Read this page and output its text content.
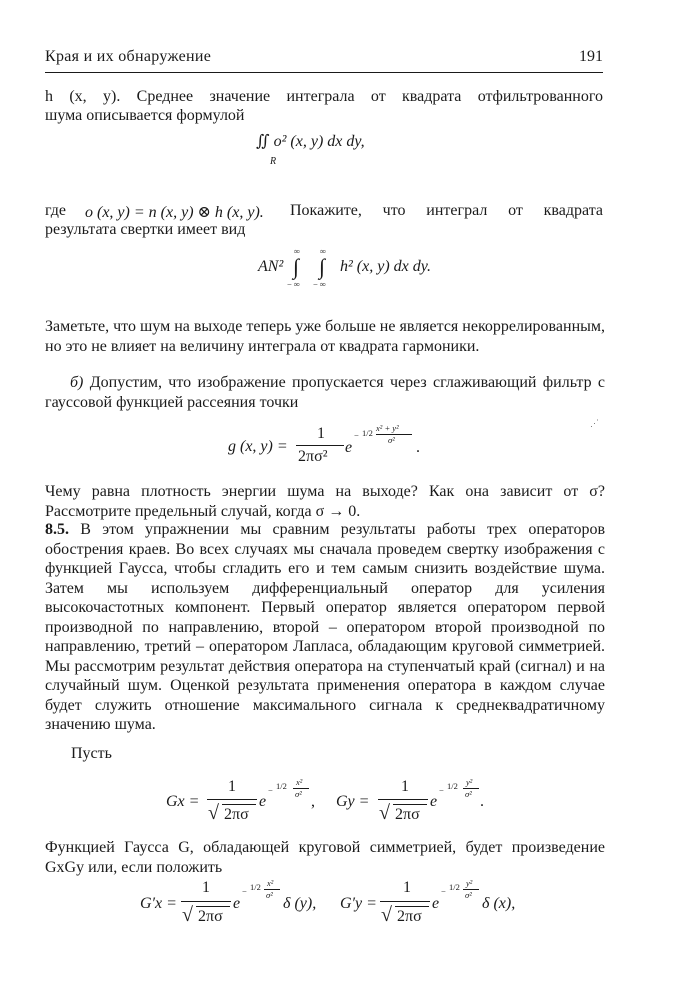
Края и их обнаружение	191
h (x, y). Среднее значение интеграла от квадрата отфильтрованного
шума описывается формулой
∬ o² (x, y) dx dy,
R
где o (x, y) = n (x, y) ⊗ h (x, y). Покажите, что интеграл от квадрата
результата свертки имеет вид
AN²
∞ ∞
∫ ∫
− ∞ − ∞
h² (x, y) dx dy.
Заметьте, что шум на выходе теперь уже больше не является некоррелированным, но это не влияет на величину интеграла от квадрата гармоники.
б) Допустим, что изображение пропускается через сглаживающий фильтр с гауссовой функцией рассеяния точки
g (x, y) =
1
2πσ²
e
− 1/2 x² + y²
σ² .
⋰
Чему равна плотность энергии шума на выходе? Как она зависит от σ? Рассмотрите предельный случай, когда σ → 0.
8.5. В этом упражнении мы сравним результаты работы трех операторов обострения краев. Во всех случаях мы сначала проведем свертку изображения с функцией Гаусса, чтобы сгладить его и тем самым снизить воздействие шума. Затем мы используем дифференциальный оператор для усиления высокочастотных компонент. Первый оператор является оператором первой производной по направлению, второй – оператором второй производной по направлению, третий – оператором Лапласа, обладающим круговой симметрией. Мы рассмотрим результат действия оператора на ступенчатый край (сигнал) и на случайный шум. Оценкой результата применения оператора в каждом случае будет служить отношение максимального сигнала к среднеквадратичному значению шума.
Пусть
Gx =
1
√ 2πσ
e
− 1/2 x²
σ² , Gy =
1
√ 2πσ
e
− 1/2 y²
σ² .
Функцией Гаусса G, обладающей круговой симметрией, будет произведение GxGy или, если положить
G′x =
1
√ 2πσ
e
− 1/2 x²
σ² δ (y), G′y =
1
√ 2πσ
e
− 1/2 y²
σ² δ (x),
